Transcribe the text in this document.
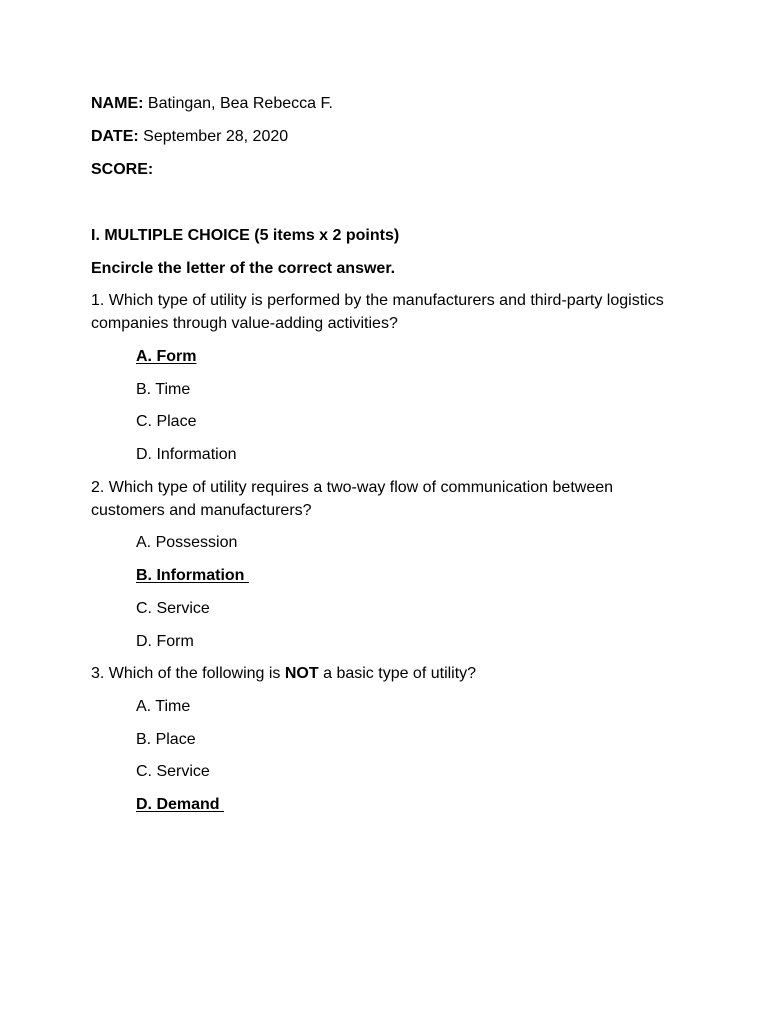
NAME: Batingan, Bea Rebecca F.
DATE: September 28, 2020
SCORE:
I. MULTIPLE CHOICE (5 items x 2 points)
Encircle the letter of the correct answer.
1. Which type of utility is performed by the manufacturers and third-party logistics companies through value-adding activities?
A. Form
B. Time
C. Place
D. Information
2. Which type of utility requires a two-way flow of communication between customers and manufacturers?
A. Possession
B. Information
C. Service
D. Form
3. Which of the following is NOT a basic type of utility?
A. Time
B. Place
C. Service
D. Demand
